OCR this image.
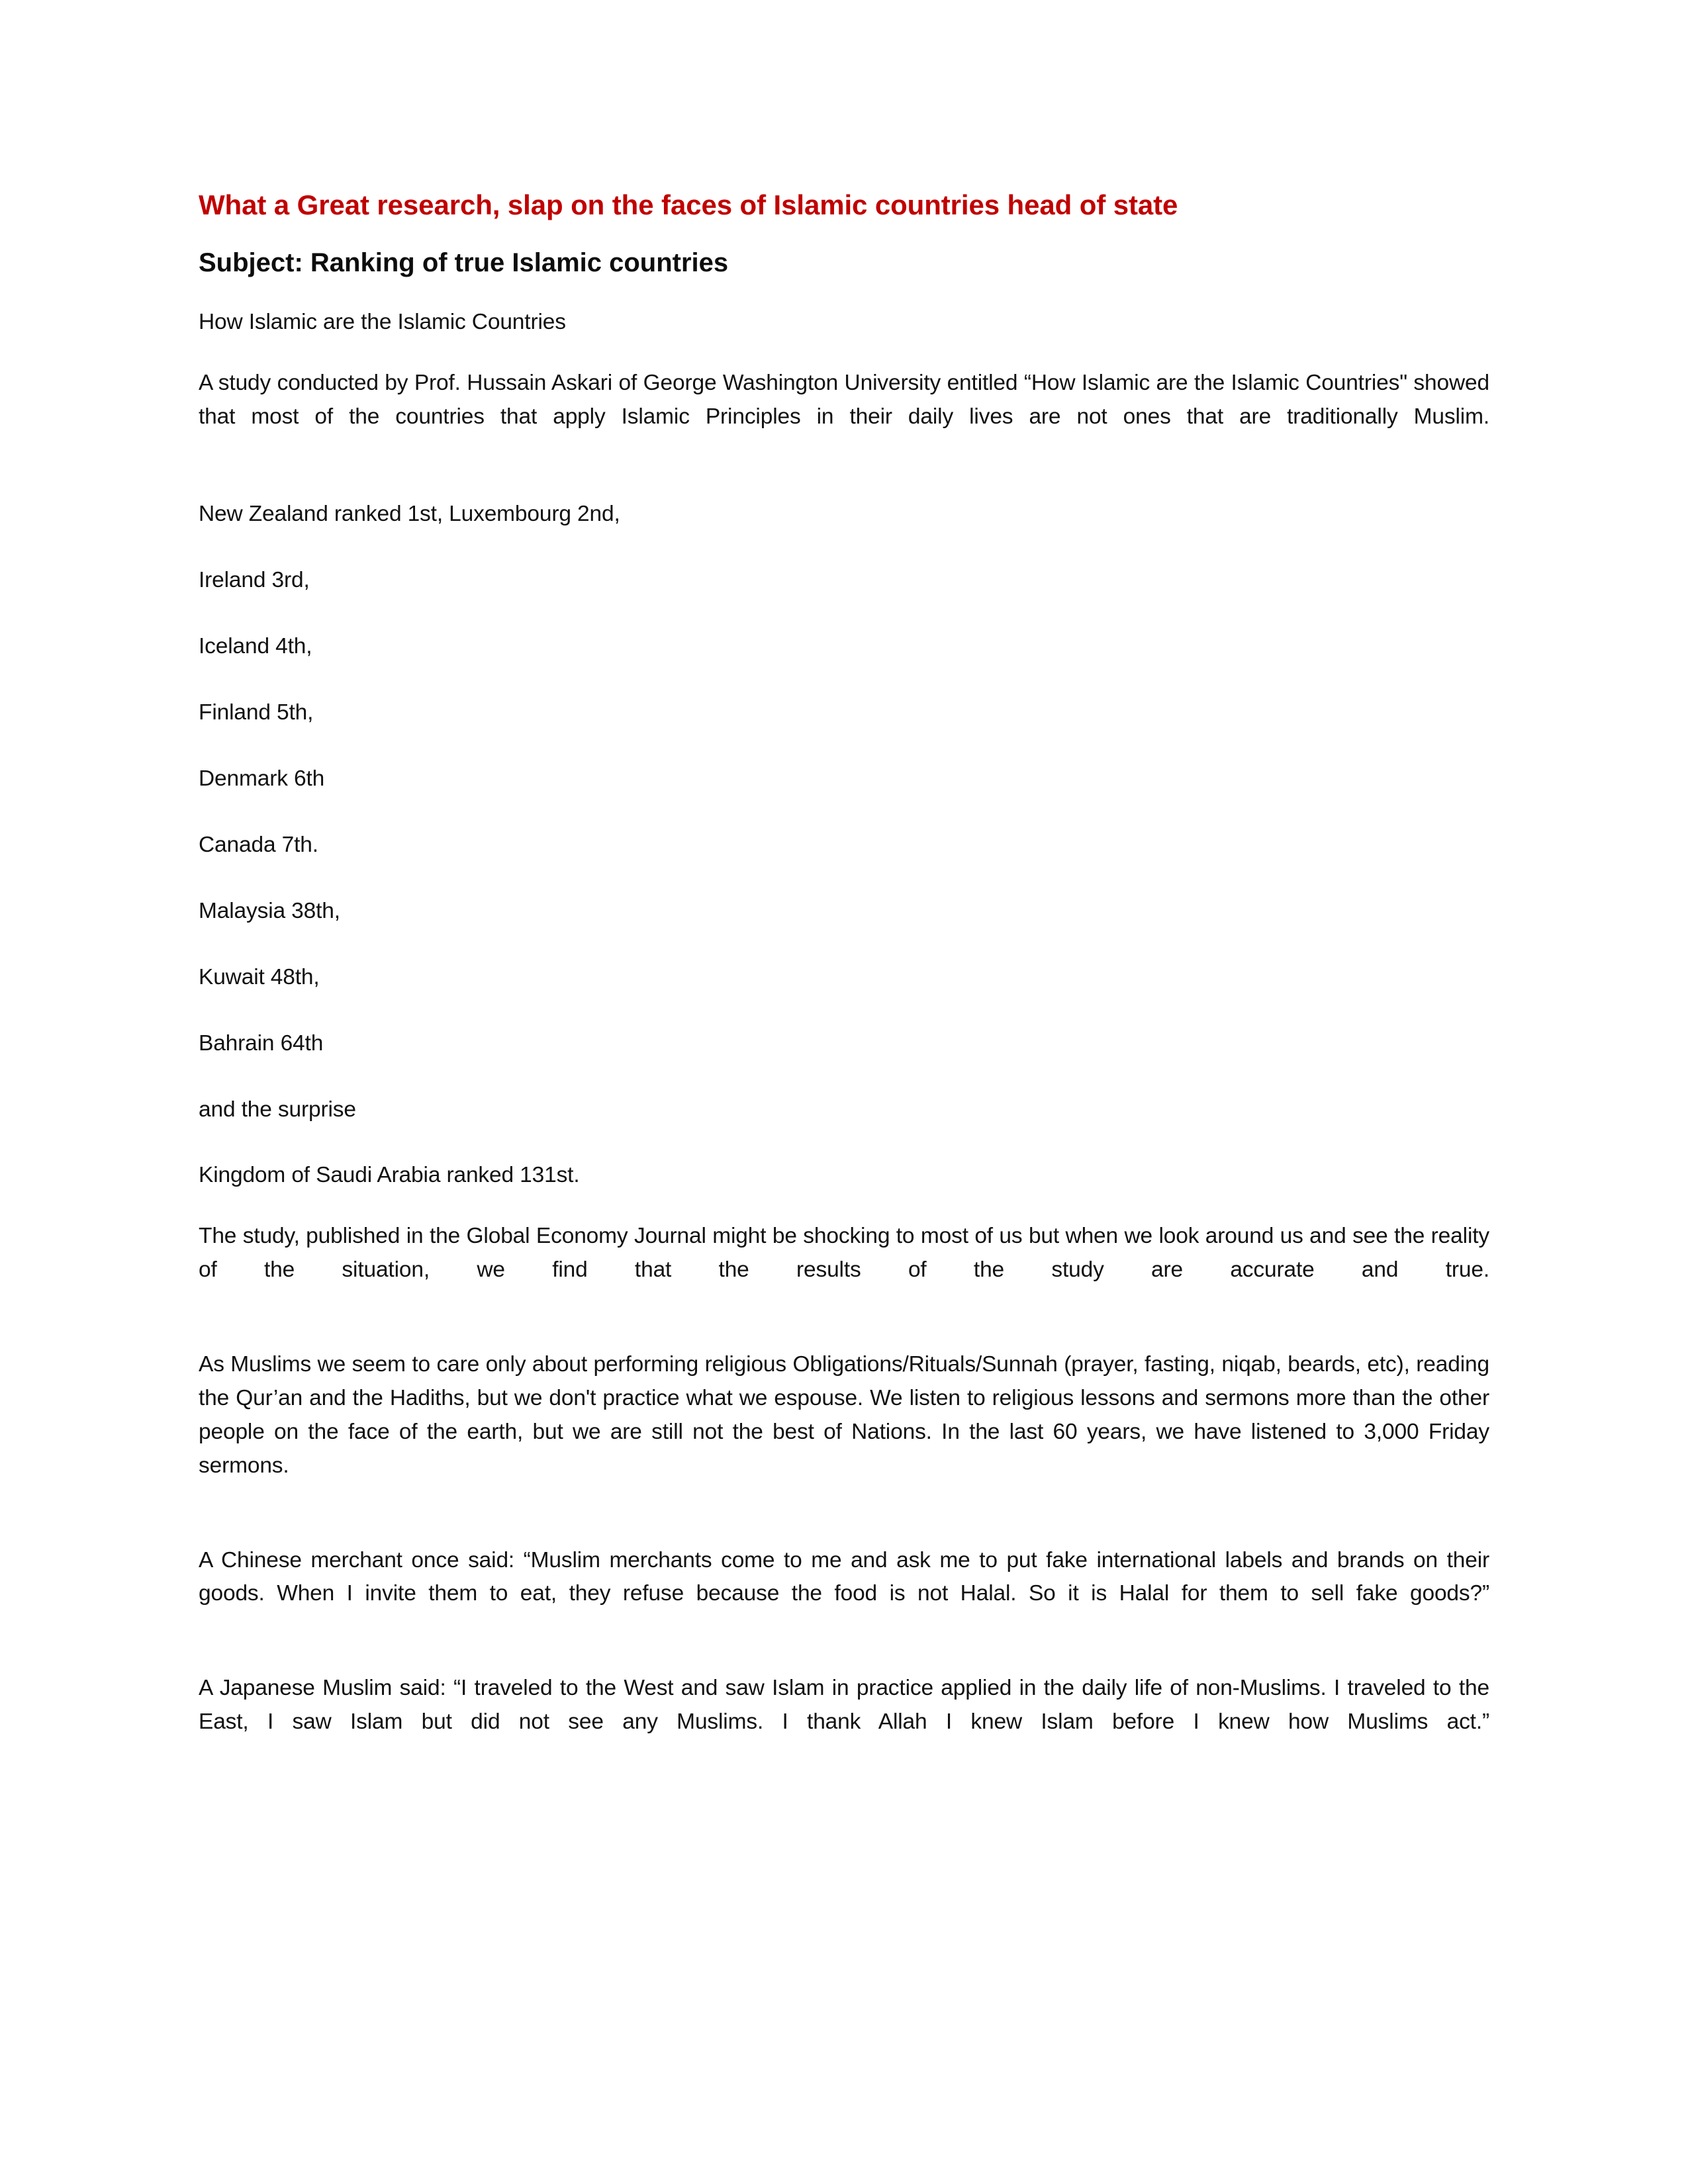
What a Great research, slap on the faces of Islamic countries head of state
Subject: Ranking of true Islamic countries

How Islamic are the Islamic Countries

A study conducted by Prof. Hussain Askari of George Washington University entitled “How Islamic are the Islamic Countries" showed that most of the countries that apply Islamic Principles in their daily lives are not ones that are traditionally Muslim.

New Zealand ranked 1st, Luxembourg 2nd,

Ireland 3rd,

Iceland 4th,

Finland 5th,

Denmark 6th

Canada 7th.

Malaysia 38th,

Kuwait 48th,

Bahrain 64th

and the surprise

Kingdom of Saudi Arabia ranked 131st.

The study, published in the Global Economy Journal might be shocking to most of us but when we look around us and see the reality of the situation, we find that the results of the study are accurate and true.

As Muslims we seem to care only about performing religious Obligations/Rituals/Sunnah (prayer, fasting, niqab, beards, etc), reading the Qur’an and the Hadiths, but we don't practice what we espouse. We listen to religious lessons and sermons more than the other people on the face of the earth, but we are still not the best of Nations. In the last 60 years, we have listened to 3,000 Friday sermons.

A Chinese merchant once said: “Muslim merchants come to me and ask me to put fake international labels and brands on their goods. When I invite them to eat, they refuse because the food is not Halal. So it is Halal for them to sell fake goods?”

A Japanese Muslim said: “I traveled to the West and saw Islam in practice applied in the daily life of non-Muslims. I traveled to the East, I saw Islam but did not see any Muslims. I thank Allah I knew Islam before I knew how Muslims act.”
